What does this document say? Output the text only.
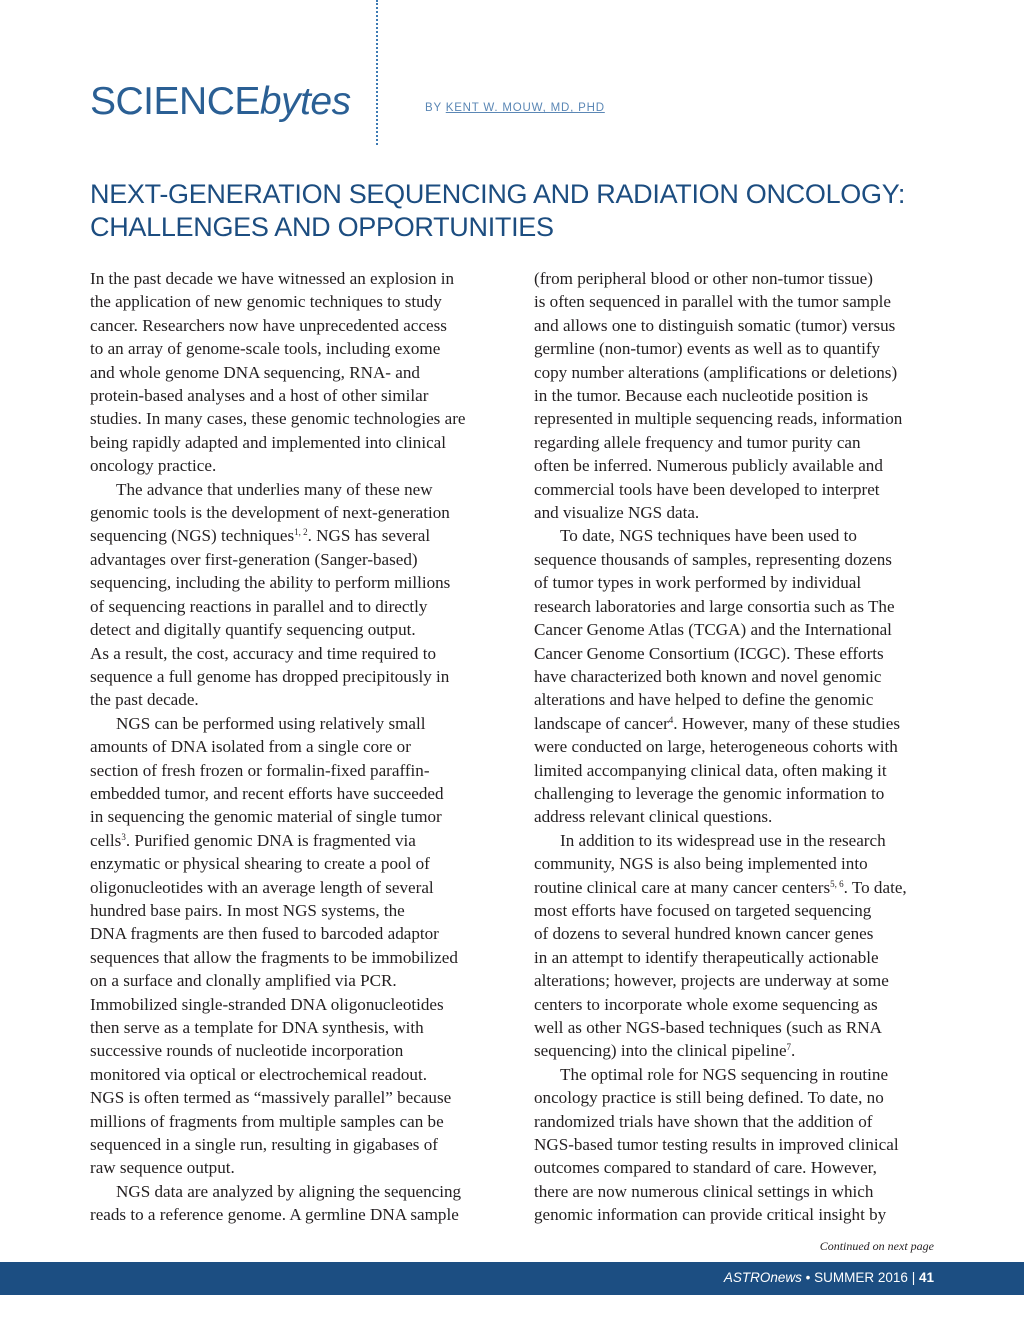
SCIENCEbytes	BY KENT W. MOUW, MD, PHD
NEXT-GENERATION SEQUENCING AND RADIATION ONCOLOGY:
CHALLENGES AND OPPORTUNITIES
In the past decade we have witnessed an explosion in
the application of new genomic techniques to study
cancer. Researchers now have unprecedented access
to an array of genome-scale tools, including exome
and whole genome DNA sequencing, RNA- and
protein-based analyses and a host of other similar
studies. In many cases, these genomic technologies are
being rapidly adapted and implemented into clinical
oncology practice.
The advance that underlies many of these new
genomic tools is the development of next-generation
sequencing (NGS) techniques$^{1, 2}$. NGS has several
advantages over first-generation (Sanger-based)
sequencing, including the ability to perform millions
of sequencing reactions in parallel and to directly
detect and digitally quantify sequencing output.
As a result, the cost, accuracy and time required to
sequence a full genome has dropped precipitously in
the past decade.
NGS can be performed using relatively small
amounts of DNA isolated from a single core or
section of fresh frozen or formalin-fixed paraffin-
embedded tumor, and recent efforts have succeeded
in sequencing the genomic material of single tumor
cells$^3$. Purified genomic DNA is fragmented via
enzymatic or physical shearing to create a pool of
oligonucleotides with an average length of several
hundred base pairs. In most NGS systems, the
DNA fragments are then fused to barcoded adaptor
sequences that allow the fragments to be immobilized
on a surface and clonally amplified via PCR.
Immobilized single-stranded DNA oligonucleotides
then serve as a template for DNA synthesis, with
successive rounds of nucleotide incorporation
monitored via optical or electrochemical readout.
NGS is often termed as “massively parallel” because
millions of fragments from multiple samples can be
sequenced in a single run, resulting in gigabases of
raw sequence output.
NGS data are analyzed by aligning the sequencing
reads to a reference genome. A germline DNA sample
(from peripheral blood or other non-tumor tissue)
is often sequenced in parallel with the tumor sample
and allows one to distinguish somatic (tumor) versus
germline (non-tumor) events as well as to quantify
copy number alterations (amplifications or deletions)
in the tumor. Because each nucleotide position is
represented in multiple sequencing reads, information
regarding allele frequency and tumor purity can
often be inferred. Numerous publicly available and
commercial tools have been developed to interpret
and visualize NGS data.
To date, NGS techniques have been used to
sequence thousands of samples, representing dozens
of tumor types in work performed by individual
research laboratories and large consortia such as The
Cancer Genome Atlas (TCGA) and the International
Cancer Genome Consortium (ICGC). These efforts
have characterized both known and novel genomic
alterations and have helped to define the genomic
landscape of cancer$^4$. However, many of these studies
were conducted on large, heterogeneous cohorts with
limited accompanying clinical data, often making it
challenging to leverage the genomic information to
address relevant clinical questions.
In addition to its widespread use in the research
community, NGS is also being implemented into
routine clinical care at many cancer centers$^{5, 6}$. To date,
most efforts have focused on targeted sequencing
of dozens to several hundred known cancer genes
in an attempt to identify therapeutically actionable
alterations; however, projects are underway at some
centers to incorporate whole exome sequencing as
well as other NGS-based techniques (such as RNA
sequencing) into the clinical pipeline$^7$.
The optimal role for NGS sequencing in routine
oncology practice is still being defined. To date, no
randomized trials have shown that the addition of
NGS-based tumor testing results in improved clinical
outcomes compared to standard of care. However,
there are now numerous clinical settings in which
genomic information can provide critical insight by
Continued on next page
ASTROnews • SUMMER 2016 | 41
